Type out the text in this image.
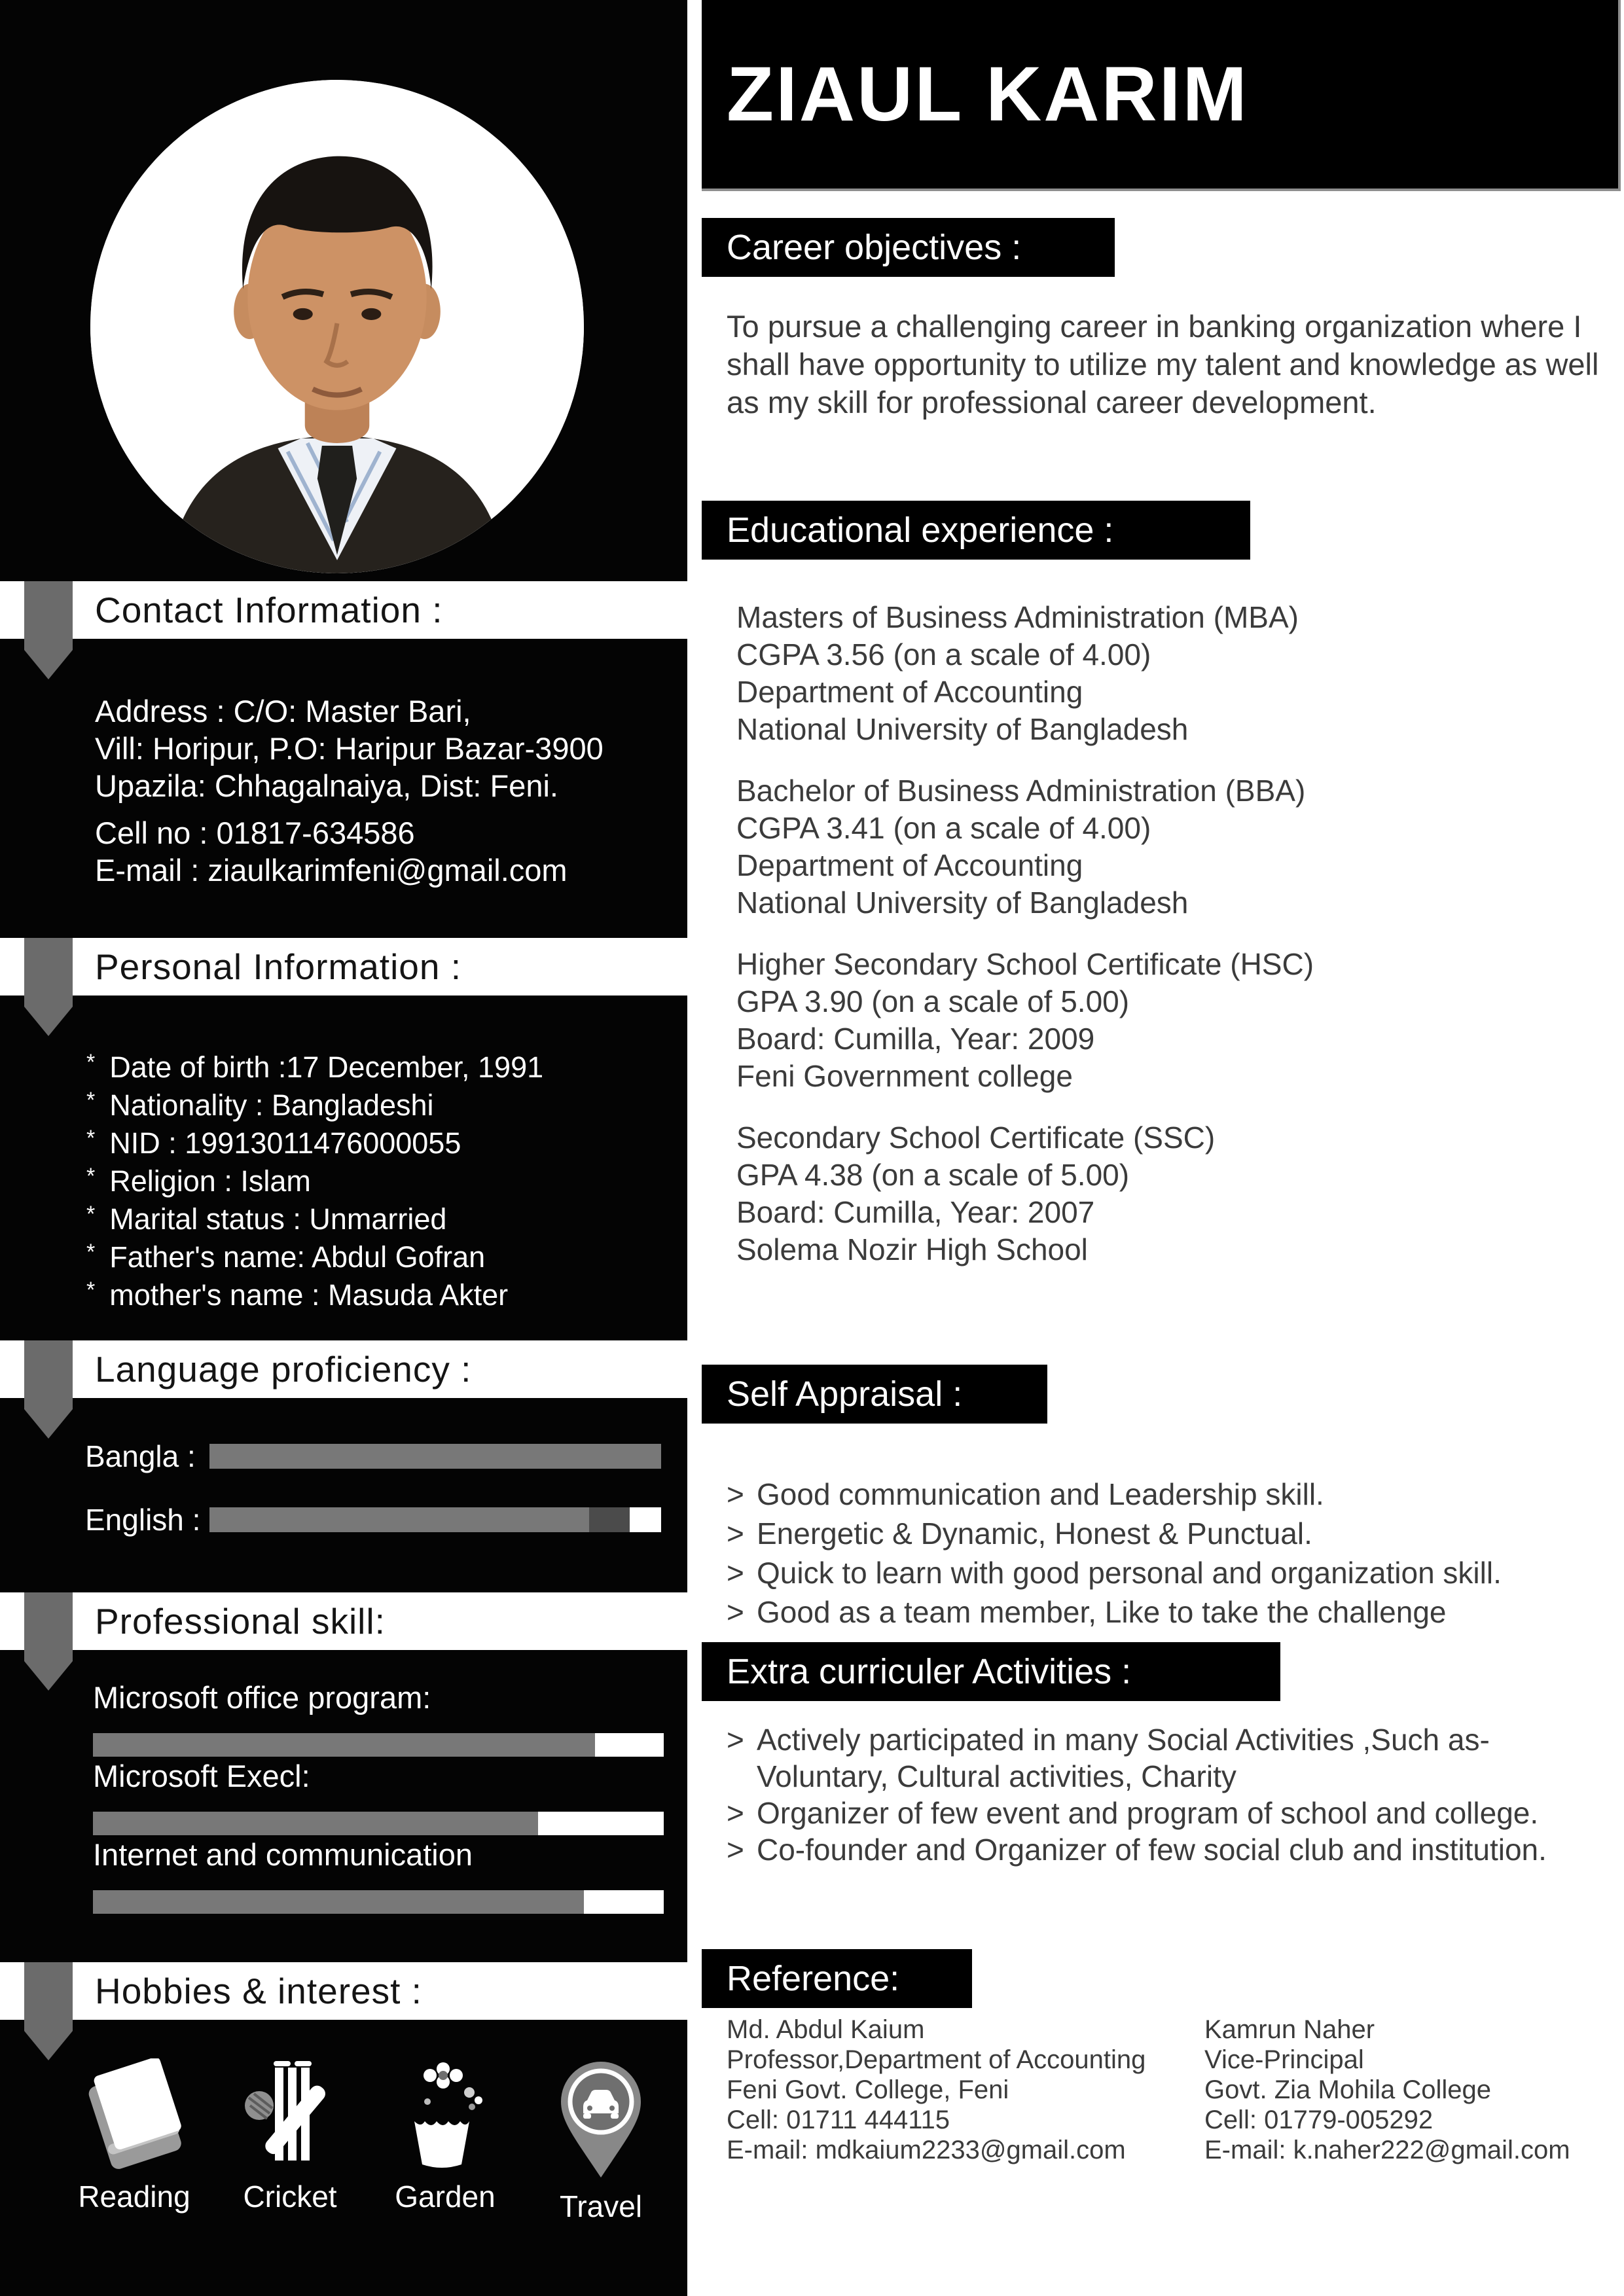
Contact Information :
Personal Information :
Language proficiency :
Professional skill:
Hobbies & interest :
Address : C/O: Master Bari,
Vill: Horipur, P.O: Haripur Bazar-3900
Upazila: Chhagalnaiya, Dist: Feni.
Cell no : 01817-634586
E-mail : ziaulkarimfeni@gmail.com
* Date of birth :17 December, 1991
* Nationality : Bangladeshi
* NID : 19913011476000055
* Religion : Islam
* Marital status : Unmarried
* Father's name: Abdul Gofran
* mother's name : Masuda Akter
Bangla :
English :
Microsoft office program:
Microsoft Execl:
Internet and communication
Reading	Cricket	Garden	Travel
ZIAUL KARIM
Career objectives :
To pursue a challenging career in banking organization where I shall have opportunity to utilize my talent and knowledge as well as my skill for professional career development.
Educational experience :
Masters of Business Administration (MBA)
CGPA 3.56 (on a scale of 4.00)
Department of Accounting
National University of Bangladesh
Bachelor of Business Administration (BBA)
CGPA 3.41 (on a scale of 4.00)
Department of Accounting
National University of Bangladesh
Higher Secondary School Certificate (HSC)
GPA 3.90 (on a scale of 5.00)
Board: Cumilla, Year: 2009
Feni Government college
Secondary School Certificate (SSC)
GPA 4.38 (on a scale of 5.00)
Board: Cumilla, Year: 2007
Solema Nozir High School
Self Appraisal :
> Good communication and Leadership skill.
> Energetic & Dynamic, Honest & Punctual.
> Quick to learn with good personal and organization skill.
> Good as a team member, Like to take the challenge
Extra curriculer Activities :
> Actively participated in many Social Activities ,Such as- Voluntary, Cultural activities, Charity
> Organizer of few event and program of school and college.
> Co-founder and Organizer of few social club and institution.
Reference:
Md. Abdul Kaium
Professor,Department of Accounting
Feni Govt. College, Feni
Cell: 01711 444115
E-mail: mdkaium2233@gmail.com
Kamrun Naher
Vice-Principal
Govt. Zia Mohila College
Cell: 01779-005292
E-mail: k.naher222@gmail.com
